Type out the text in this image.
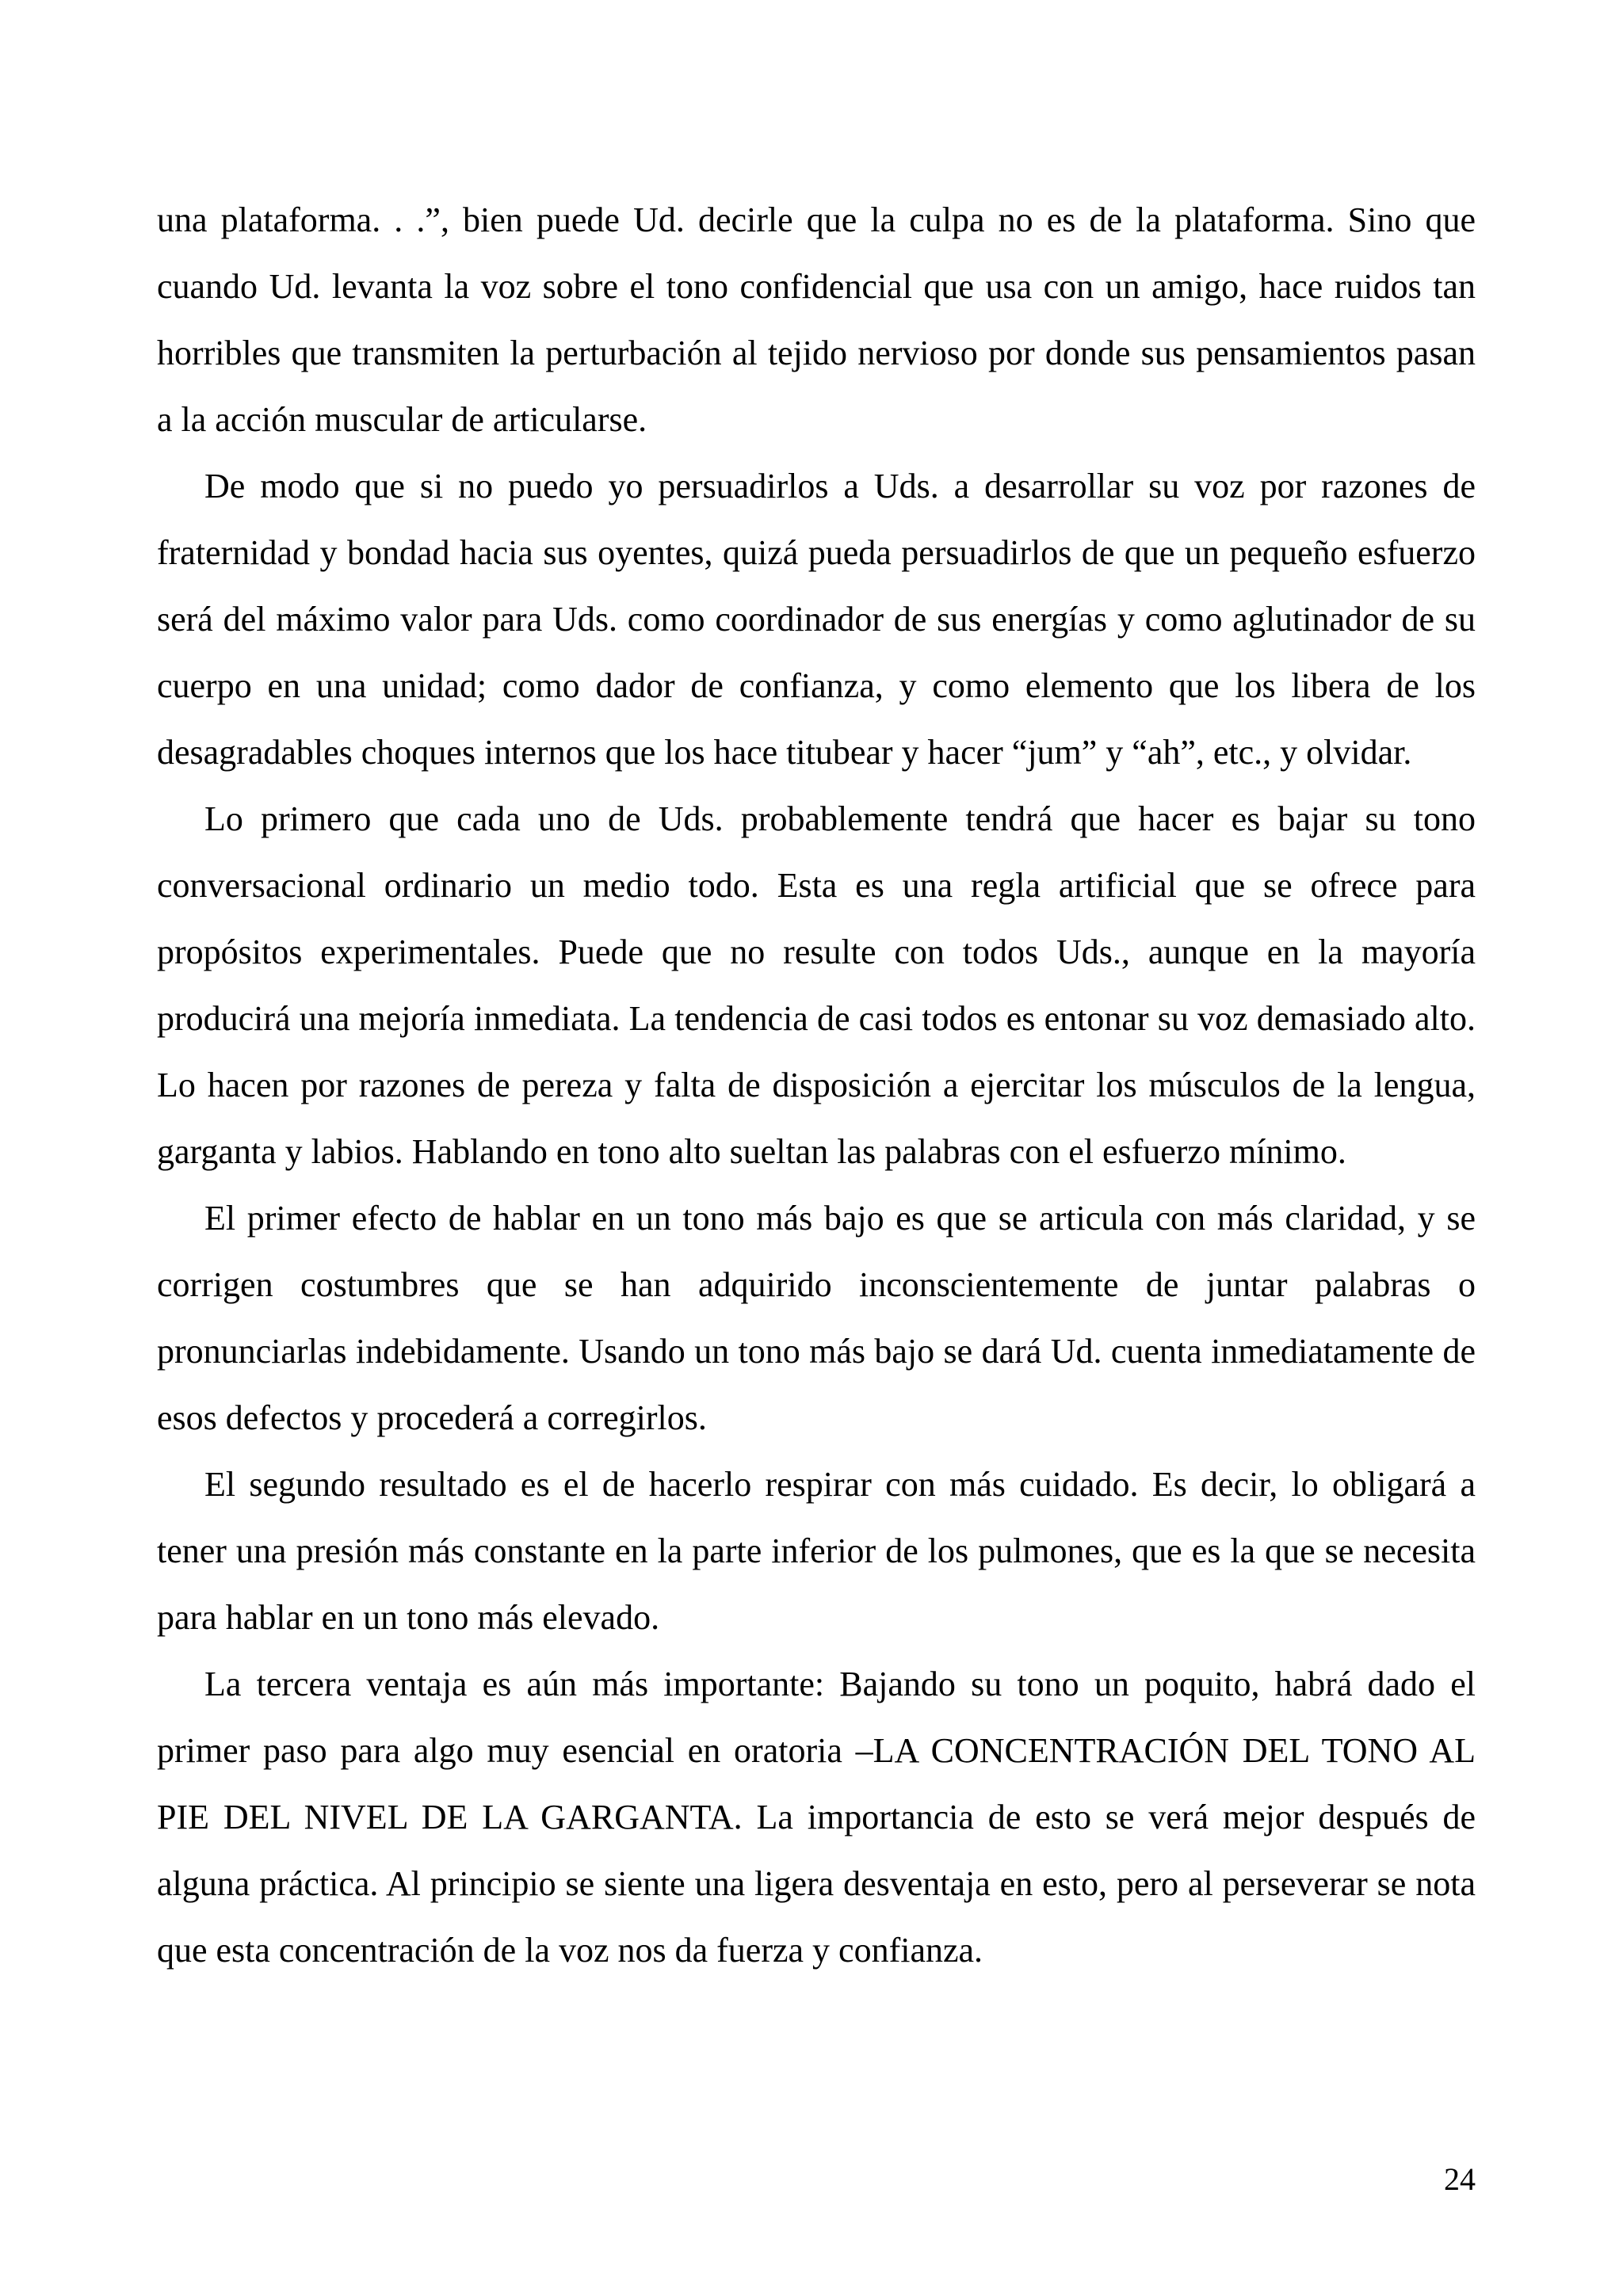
una plataforma. . .”, bien puede Ud. decirle que la culpa no es de la plataforma. Sino que cuando Ud. levanta la voz sobre el tono confidencial que usa con un amigo, hace ruidos tan horribles que transmiten la perturbación al tejido nervioso por donde sus pensamientos pasan a la acción muscular de articularse.

De modo que si no puedo yo persuadirlos a Uds. a desarrollar su voz por razones de fraternidad y bondad hacia sus oyentes, quizá pueda persuadirlos de que un pequeño esfuerzo será del máximo valor para Uds. como coordinador de sus energías y como aglutinador de su cuerpo en una unidad; como dador de confianza, y como elemento que los libera de los desagradables choques internos que los hace titubear y hacer “jum” y “ah”, etc., y olvidar.

Lo primero que cada uno de Uds. probablemente tendrá que hacer es bajar su tono conversacional ordinario un medio todo. Esta es una regla artificial que se ofrece para propósitos experimentales. Puede que no resulte con todos Uds., aunque en la mayoría producirá una mejoría inmediata. La tendencia de casi todos es entonar su voz demasiado alto. Lo hacen por razones de pereza y falta de disposición a ejercitar los músculos de la lengua, garganta y labios. Hablando en tono alto sueltan las palabras con el esfuerzo mínimo.

El primer efecto de hablar en un tono más bajo es que se articula con más claridad, y se corrigen costumbres que se han adquirido inconscientemente de juntar palabras o pronunciarlas indebidamente. Usando un tono más bajo se dará Ud. cuenta inmediatamente de esos defectos y procederá a corregirlos.

El segundo resultado es el de hacerlo respirar con más cuidado. Es decir, lo obligará a tener una presión más constante en la parte inferior de los pulmones, que es la que se necesita para hablar en un tono más elevado.

La tercera ventaja es aún más importante: Bajando su tono un poquito, habrá dado el primer paso para algo muy esencial en oratoria –LA CONCENTRACIÓN DEL TONO AL PIE DEL NIVEL DE LA GARGANTA. La importancia de esto se verá mejor después de alguna práctica. Al principio se siente una ligera desventaja en esto, pero al perseverar se nota que esta concentración de la voz nos da fuerza y confianza.

24
